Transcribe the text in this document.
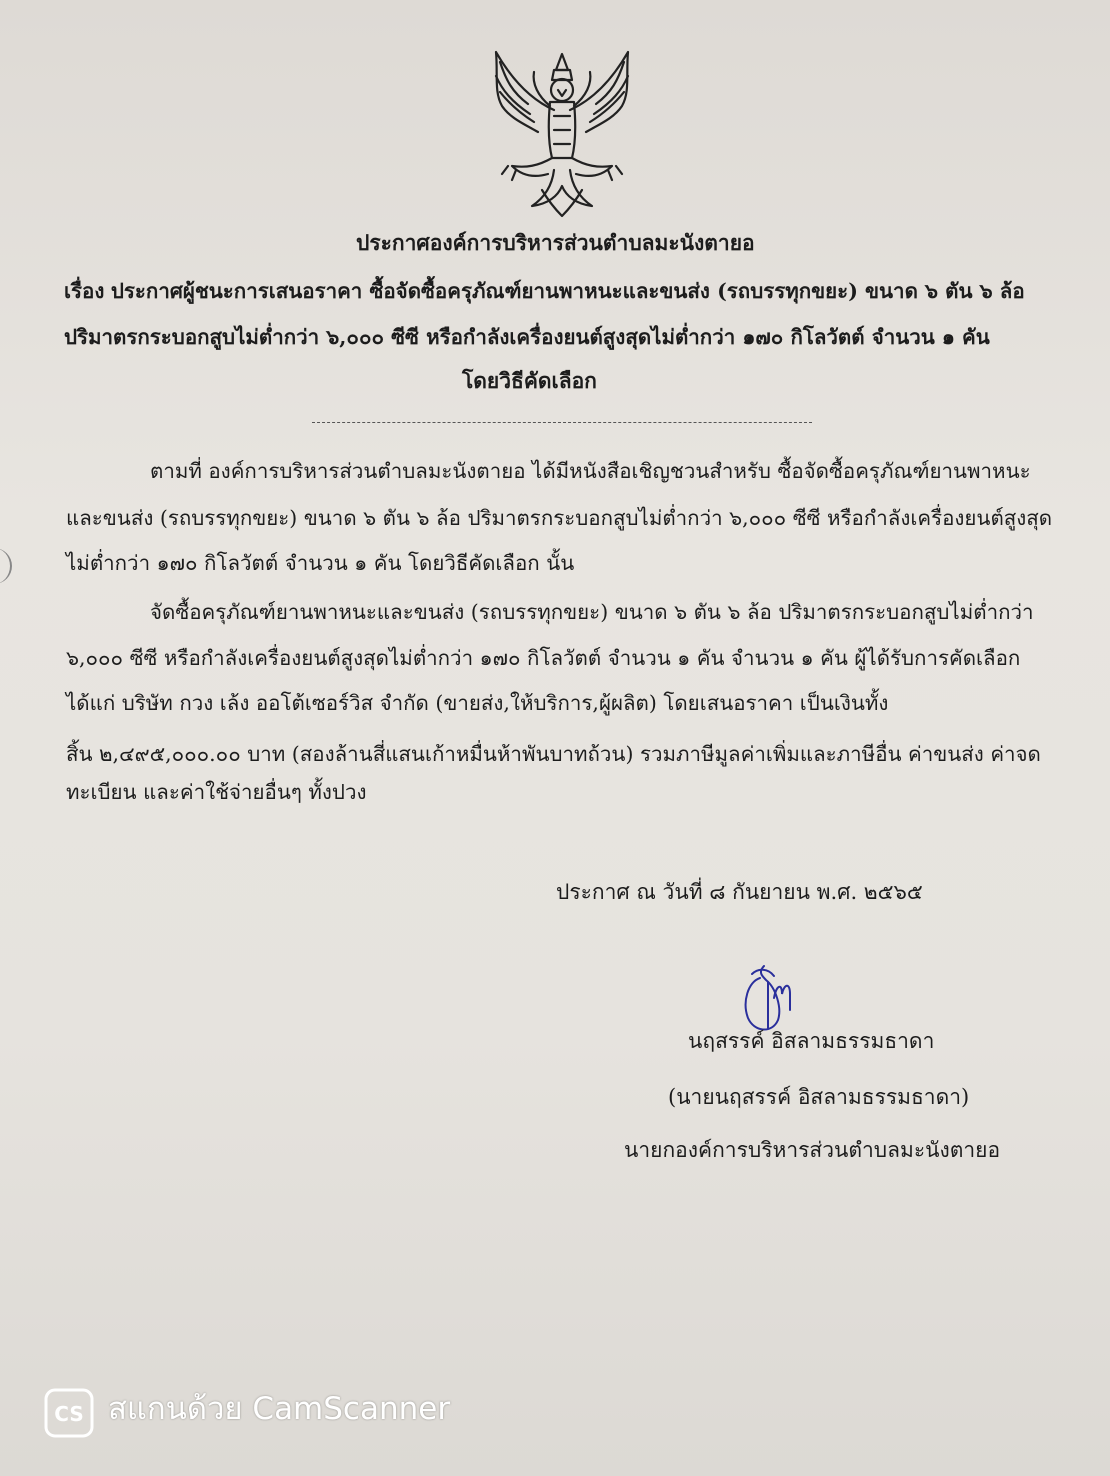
ประกาศองค์การบริหารส่วนตำบลมะนังตายอ
เรื่อง ประกาศผู้ชนะการเสนอราคา ซื้อจัดซื้อครุภัณฑ์ยานพาหนะและขนส่ง (รถบรรทุกขยะ) ขนาด ๖ ตัน ๖ ล้อ
ปริมาตรกระบอกสูบไม่ต่ำกว่า ๖,๐๐๐ ซีซี หรือกำลังเครื่องยนต์สูงสุดไม่ต่ำกว่า ๑๗๐ กิโลวัตต์ จำนวน ๑ คัน
โดยวิธีคัดเลือก
ตามที่ องค์การบริหารส่วนตำบลมะนังตายอ ได้มีหนังสือเชิญชวนสำหรับ ซื้อจัดซื้อครุภัณฑ์ยานพาหนะ
และขนส่ง (รถบรรทุกขยะ) ขนาด ๖ ตัน ๖ ล้อ ปริมาตรกระบอกสูบไม่ต่ำกว่า ๖,๐๐๐ ซีซี หรือกำลังเครื่องยนต์สูงสุด
ไม่ต่ำกว่า ๑๗๐ กิโลวัตต์ จำนวน ๑ คัน โดยวิธีคัดเลือก นั้น
จัดซื้อครุภัณฑ์ยานพาหนะและขนส่ง (รถบรรทุกขยะ) ขนาด ๖ ตัน ๖ ล้อ ปริมาตรกระบอกสูบไม่ต่ำกว่า
๖,๐๐๐ ซีซี หรือกำลังเครื่องยนต์สูงสุดไม่ต่ำกว่า ๑๗๐ กิโลวัตต์ จำนวน ๑ คัน จำนวน ๑ คัน ผู้ได้รับการคัดเลือก
ได้แก่ บริษัท กวง เล้ง ออโต้เซอร์วิส จำกัด (ขายส่ง,ให้บริการ,ผู้ผลิต) โดยเสนอราคา เป็นเงินทั้ง
สิ้น ๒,๔๙๕,๐๐๐.๐๐ บาท (สองล้านสี่แสนเก้าหมื่นห้าพันบาทถ้วน) รวมภาษีมูลค่าเพิ่มและภาษีอื่น ค่าขนส่ง ค่าจด
ทะเบียน และค่าใช้จ่ายอื่นๆ ทั้งปวง
ประกาศ ณ วันที่ ๘ กันยายน พ.ศ. ๒๕๖๕
นฤสรรค์ อิสลามธรรมธาดา
(นายนฤสรรค์ อิสลามธรรมธาดา)
นายกองค์การบริหารส่วนตำบลมะนังตายอ
CS สแกนด้วย CamScanner
